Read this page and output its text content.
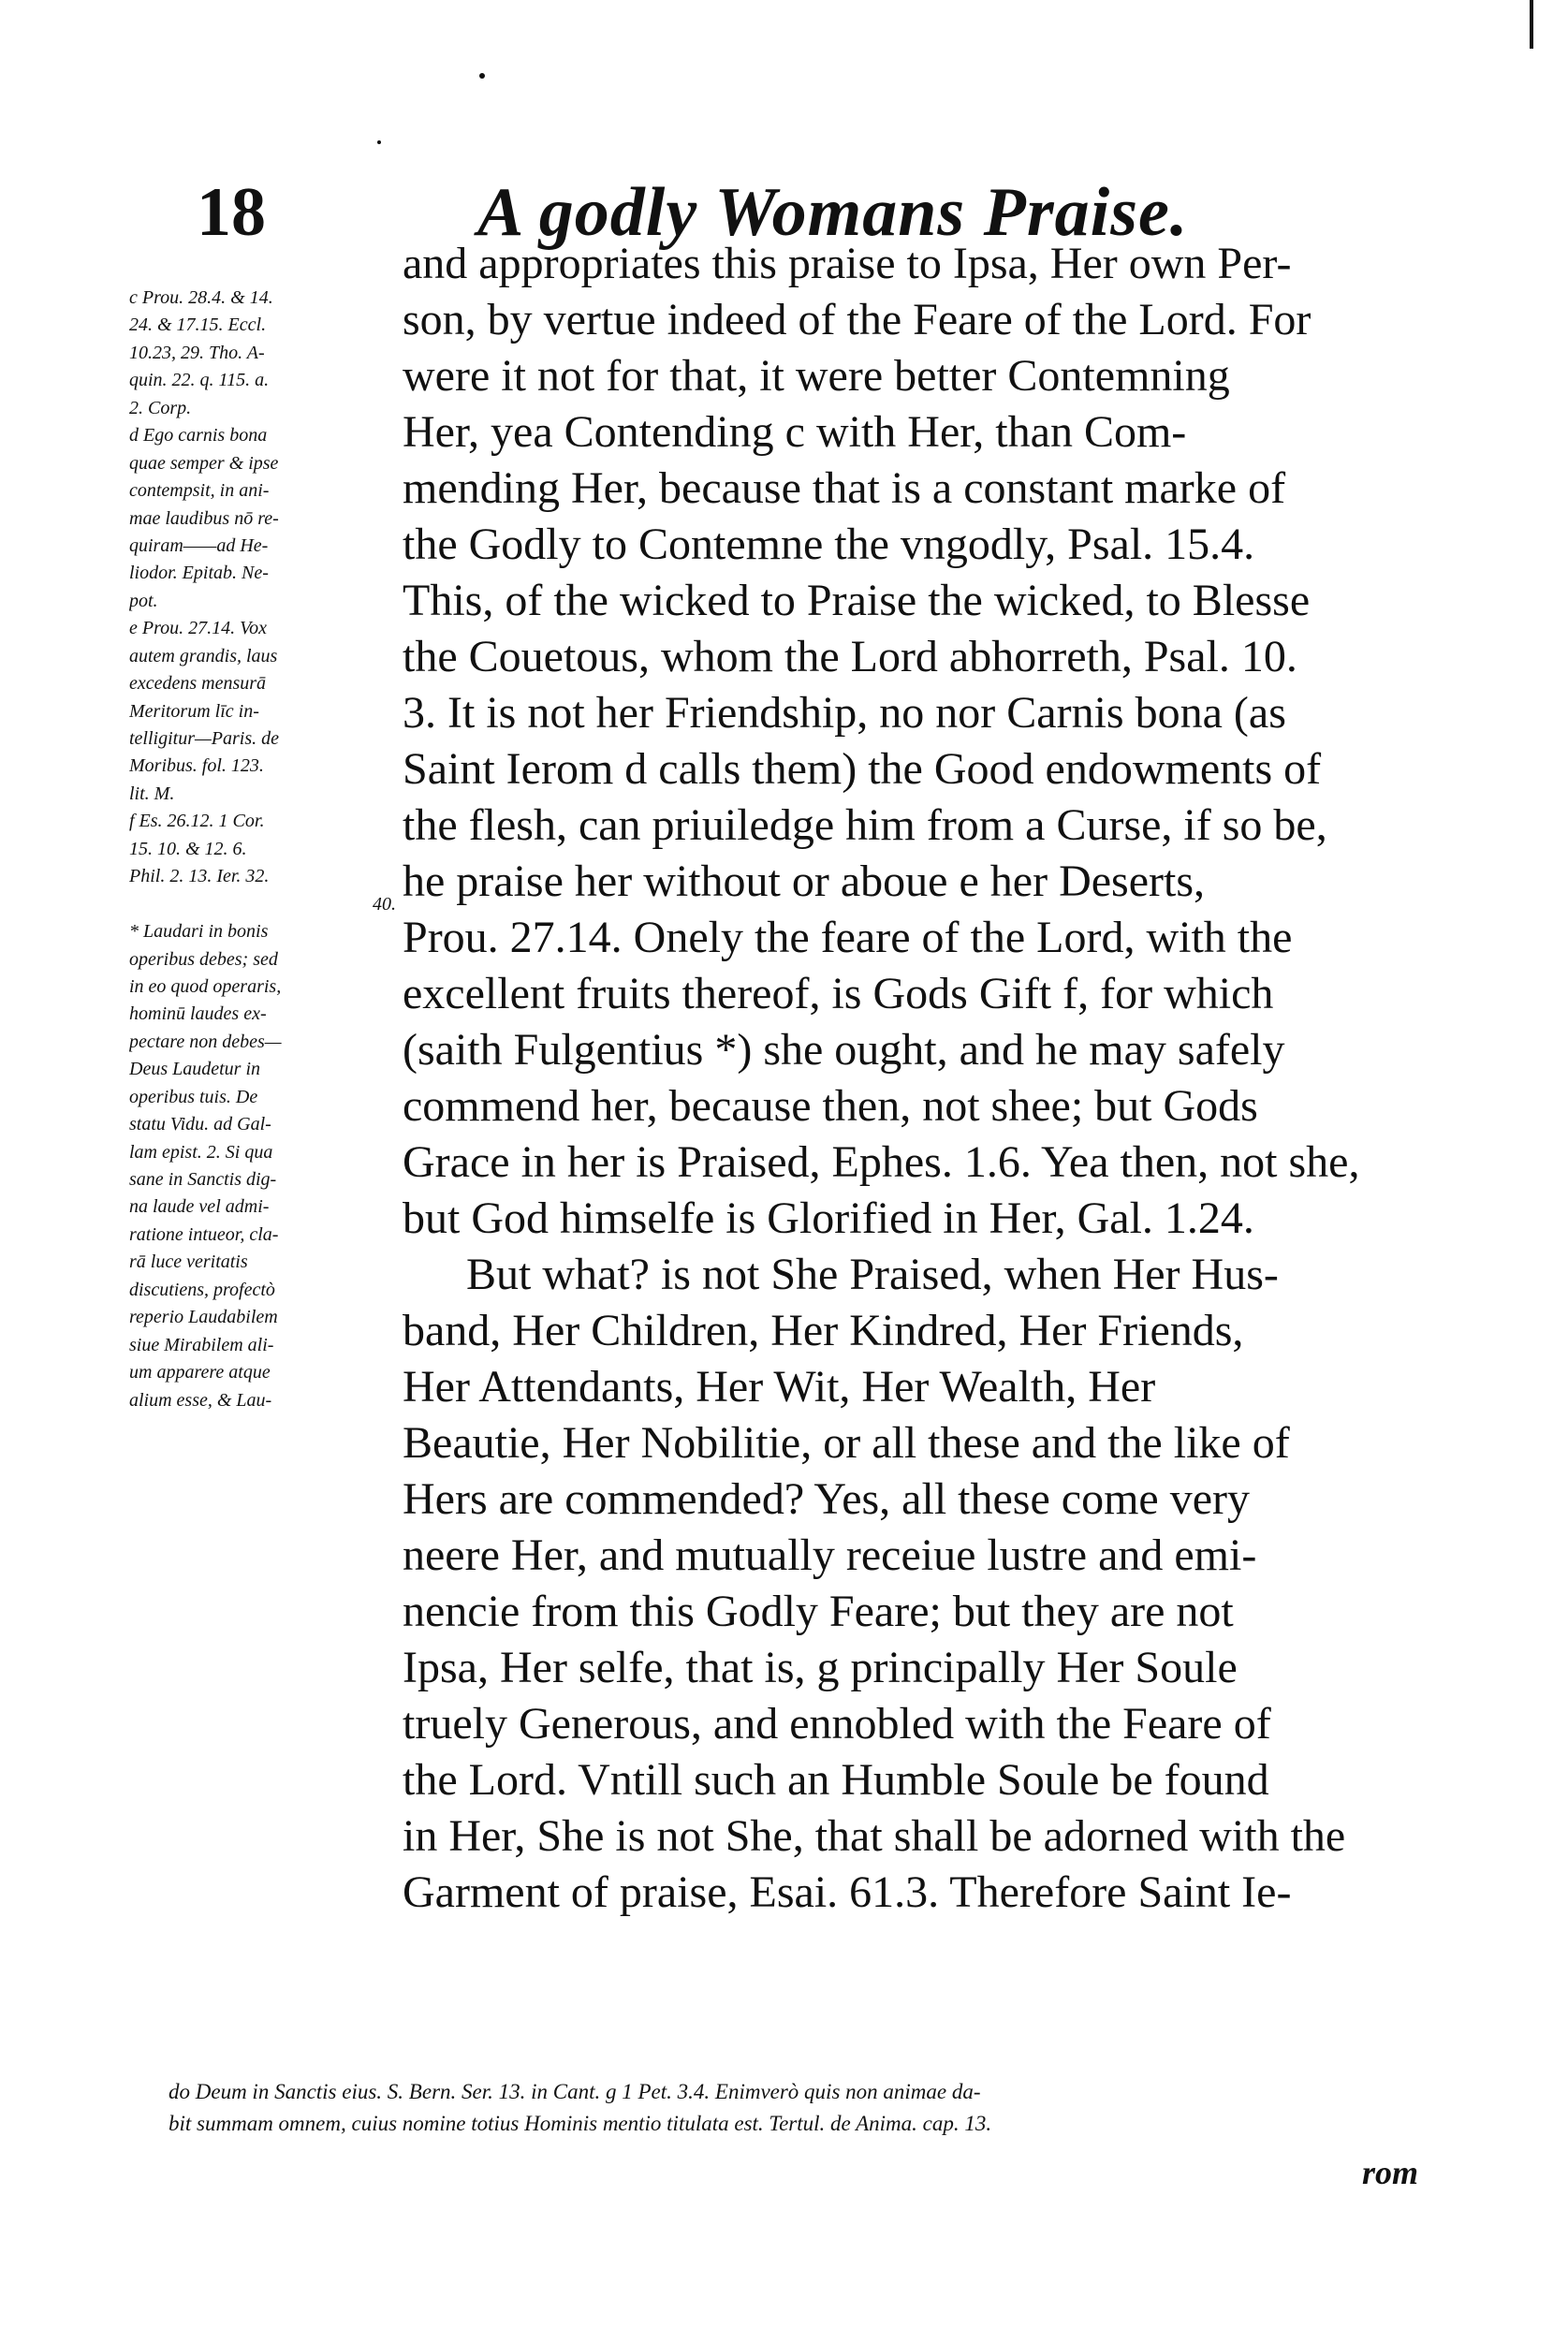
18	A godly Womans Praise.
and appropriates this praise to Ipsa, Her own Per-
son, by vertue indeed of the Feare of the Lord. For
were it not for that, it were better Contemning
Her, yea Contending c with Her, than Com-
mending Her, because that is a constant marke of
the Godly to Contemne the vngodly, Psal. 15.4.
This, of the wicked to Praise the wicked, to Blesse
the Couetous, whom the Lord abhorreth, Psal. 10.
3. It is not her Friendship, no nor Carnis bona (as
Saint Ierom d calls them) the Good endowments of
the flesh, can priuiledge him from a Curse, if so be,
he praise her without or aboue e her Deserts,
Prou. 27.14. Onely the feare of the Lord, with the
excellent fruits thereof, is Gods Gift f, for which
(saith Fulgentius *) she ought, and he may safely
commend her, because then, not shee; but Gods
Grace in her is Praised, Ephes. 1.6. Yea then, not she,
but God himselfe is Glorified in Her, Gal. 1.24.
But what? is not She Praised, when Her Hus-
band, Her Children, Her Kindred, Her Friends,
Her Attendants, Her Wit, Her Wealth, Her
Beautie, Her Nobilitie, or all these and the like of
Hers are commended? Yes, all these come very
neere Her, and mutually receiue lustre and emi-
nencie from this Godly Feare; but they are not
Ipsa, Her selfe, that is, g principally Her Soule
truely Generous, and ennobled with the Feare of
the Lord. Vntill such an Humble Soule be found
in Her, She is not She, that shall be adorned with the
Garment of praise, Esai. 61.3. Therefore Saint Ie-
c Prou. 28.4. & 14.
24. & 17.15. Eccl.
10.23, 29. Tho. A-
quin. 22. q. 115. a.
2. Corp.
d Ego carnis bona
quae semper & ipse
contempsit, in ani-
mae laudibus nō re-
quiram——ad He-
liodor. Epitab. Ne-
pot.
e Prou. 27.14. Vox
autem grandis, laus
excedens mensurā
Meritorum līc in-
telligitur—Paris. de
Moribus. fol. 123.
lit. M.
f Es. 26.12. 1 Cor.
15. 10. & 12. 6.
Phil. 2. 13. Ier. 32.
40.
* Laudari in bonis
operibus debes; sed
in eo quod operaris,
hominū laudes ex-
pectare non debes—
Deus Laudetur in
operibus tuis. De
statu Vidu. ad Gal-
lam epist. 2. Si qua
sane in Sanctis dig-
na laude vel admi-
ratione intueor, cla-
rā luce veritatis
discutiens, profectò
reperio Laudabilem
siue Mirabilem ali-
um apparere atque
alium esse, & Lau-
do Deum in Sanctis eius. S. Bern. Ser. 13. in Cant. g 1 Pet. 3.4. Enimverò quis non animae da-
bit summam omnem, cuius nomine totius Hominis mentio titulata est. Tertul. de Anima. cap. 13.
rom
